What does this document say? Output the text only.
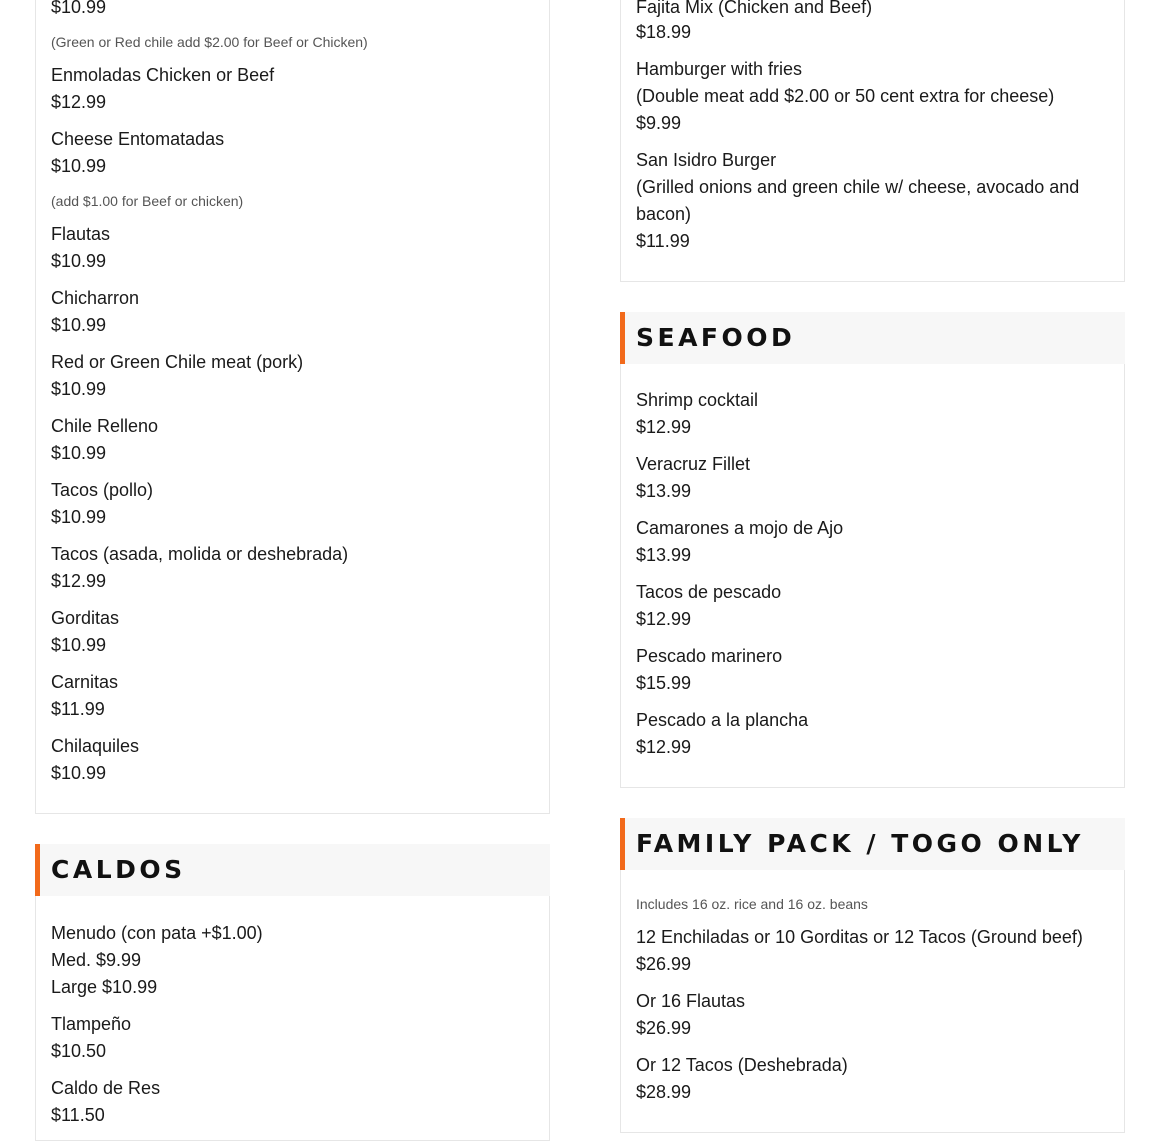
$10.99
(Green or Red chile add $2.00 for Beef or Chicken)
Enmoladas Chicken or Beef
$12.99
Cheese Entomatadas
$10.99
(add $1.00 for Beef or chicken)
Flautas
$10.99
Chicharron
$10.99
Red or Green Chile meat (pork)
$10.99
Chile Relleno
$10.99
Tacos (pollo)
$10.99
Tacos (asada, molida or deshebrada)
$12.99
Gorditas
$10.99
Carnitas
$11.99
Chilaquiles
$10.99
CALDOS
Menudo (con pata +$1.00)
Med. $9.99
Large $10.99
Tlampeño
$10.50
Caldo de Res
$11.50
Fajita Mix (Chicken and Beef)
$18.99
Hamburger with fries
(Double meat add $2.00 or 50 cent extra for cheese)
$9.99
San Isidro Burger
(Grilled onions and green chile w/ cheese, avocado and
bacon)
$11.99
SEAFOOD
Shrimp cocktail
$12.99
Veracruz Fillet
$13.99
Camarones a mojo de Ajo
$13.99
Tacos de pescado
$12.99
Pescado marinero
$15.99
Pescado a la plancha
$12.99
FAMILY PACK / TOGO ONLY
Includes 16 oz. rice and 16 oz. beans
12 Enchiladas or 10 Gorditas or 12 Tacos (Ground beef)
$26.99
Or 16 Flautas
$26.99
Or 12 Tacos (Deshebrada)
$28.99
